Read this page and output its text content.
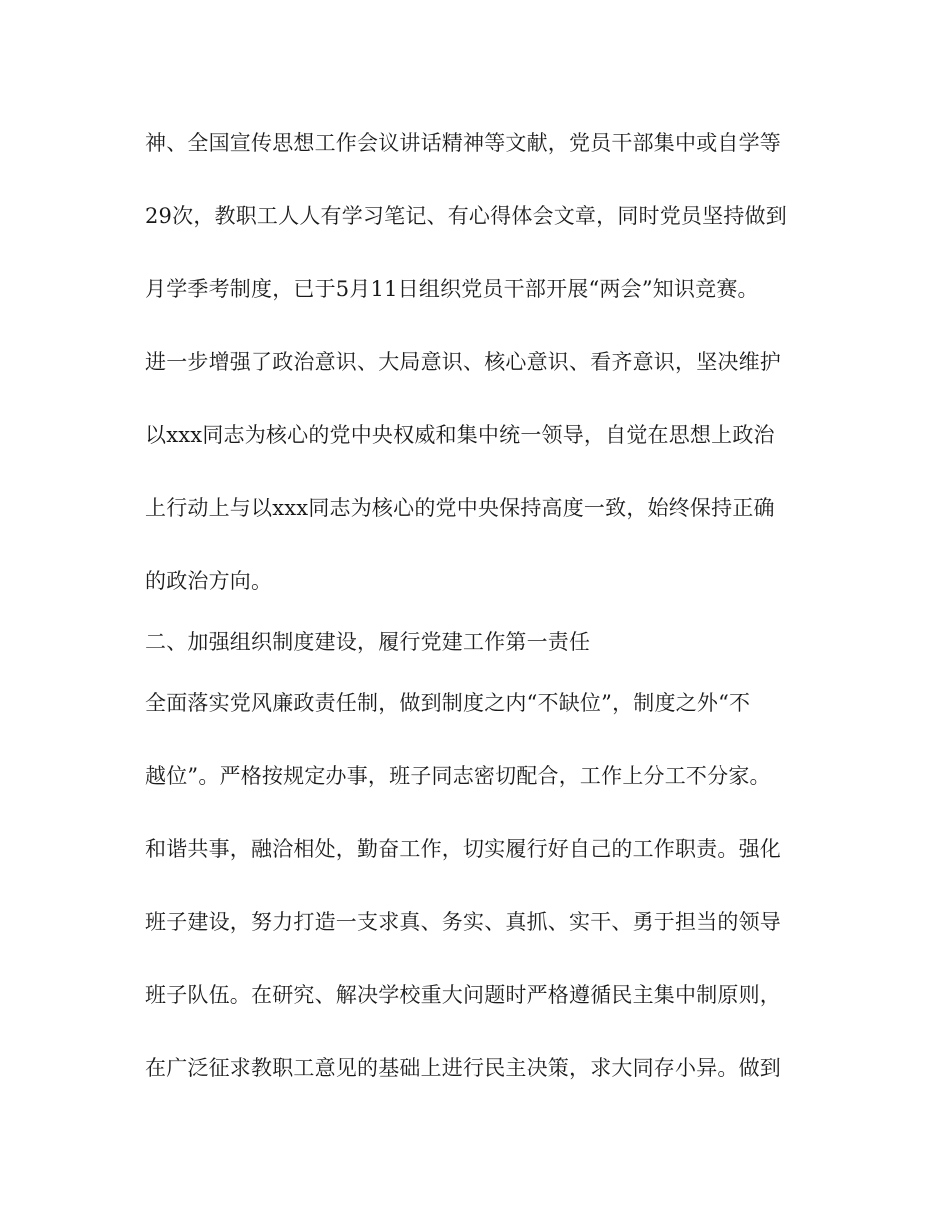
神、全国宣传思想工作会议讲话精神等文献，党员干部集中或自学等
29次，教职工人人有学习笔记、有心得体会文章，同时党员坚持做到
月学季考制度，已于5月11日组织党员干部开展“两会”知识竞赛。
进一步增强了政治意识、大局意识、核心意识、看齐意识，坚决维护
以xxx同志为核心的党中央权威和集中统一领导，自觉在思想上政治
上行动上与以xxx同志为核心的党中央保持高度一致，始终保持正确
的政治方向。
二、加强组织制度建设，履行党建工作第一责任
全面落实党风廉政责任制，做到制度之内“不缺位”，制度之外“不
越位”。严格按规定办事，班子同志密切配合，工作上分工不分家。
和谐共事，融洽相处，勤奋工作，切实履行好自己的工作职责。强化
班子建设，努力打造一支求真、务实、真抓、实干、勇于担当的领导
班子队伍。在研究、解决学校重大问题时严格遵循民主集中制原则，
在广泛征求教职工意见的基础上进行民主决策，求大同存小异。做到
